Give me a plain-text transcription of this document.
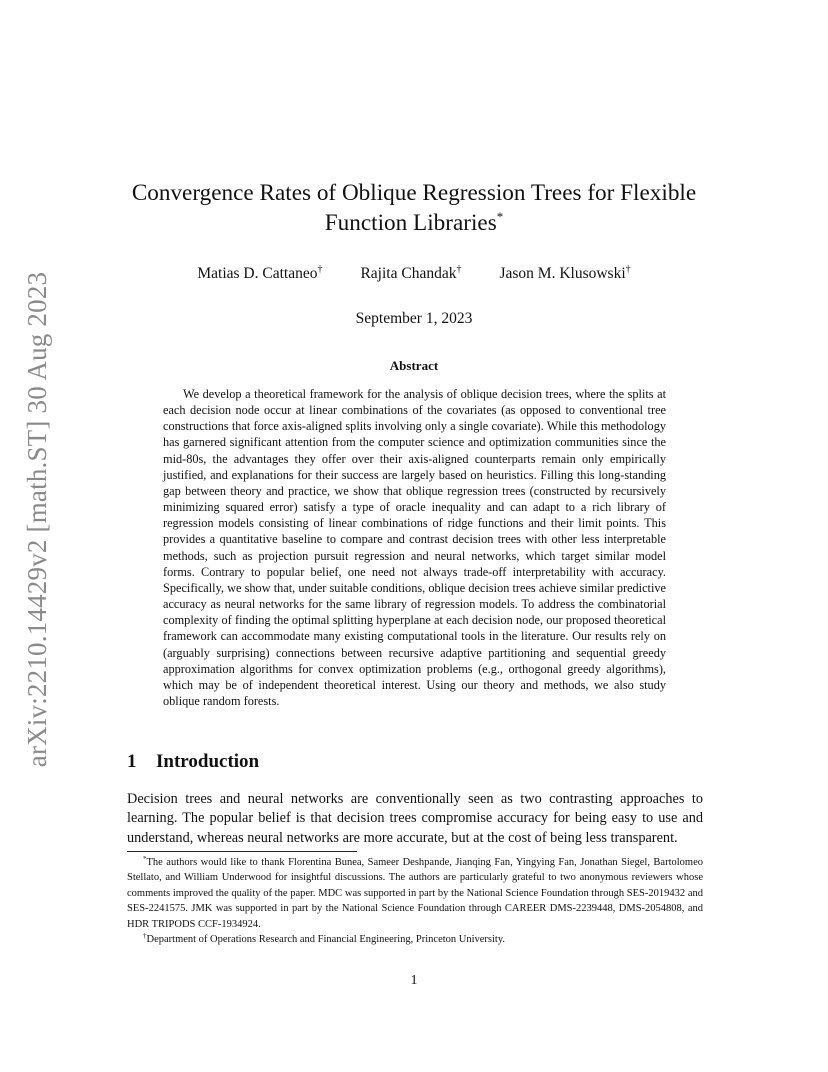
arXiv:2210.14429v2 [math.ST] 30 Aug 2023
Convergence Rates of Oblique Regression Trees for Flexible
Function Libraries*
Matias D. Cattaneo† Rajita Chandak† Jason M. Klusowski†
September 1, 2023
Abstract

We develop a theoretical framework for the analysis of oblique decision trees, where the splits at each decision node occur at linear combinations of the covariates (as opposed to conventional tree constructions that force axis-aligned splits involving only a single covariate). While this methodology has garnered significant attention from the computer science and optimization communities since the mid-80s, the advantages they offer over their axis-aligned counterparts remain only empirically justified, and explanations for their success are largely based on heuristics. Filling this long-standing gap between theory and practice, we show that oblique regression trees (constructed by recursively minimizing squared error) satisfy a type of oracle inequality and can adapt to a rich library of regression models consisting of linear combinations of ridge functions and their limit points. This provides a quantitative baseline to compare and contrast decision trees with other less interpretable methods, such as projection pursuit regression and neural networks, which target similar model forms. Contrary to popular belief, one need not always trade-off interpretability with accuracy. Specifically, we show that, under suitable conditions, oblique decision trees achieve similar predictive accuracy as neural networks for the same library of regression models. To address the combinatorial complexity of finding the optimal splitting hyperplane at each decision node, our proposed theoretical framework can accommodate many existing computational tools in the literature. Our results rely on (arguably surprising) connections between recursive adaptive partitioning and sequential greedy approximation algorithms for convex optimization problems (e.g., orthogonal greedy algorithms), which may be of independent theoretical interest. Using our theory and methods, we also study oblique random forests.

1 Introduction

Decision trees and neural networks are conventionally seen as two contrasting approaches to learning. The popular belief is that decision trees compromise accuracy for being easy to use and understand, whereas neural networks are more accurate, but at the cost of being less transparent.

*The authors would like to thank Florentina Bunea, Sameer Deshpande, Jianqing Fan, Yingying Fan, Jonathan Siegel, Bartolomeo Stellato, and William Underwood for insightful discussions. The authors are particularly grateful to two anonymous reviewers whose comments improved the quality of the paper. MDC was supported in part by the National Science Foundation through SES-2019432 and SES-2241575. JMK was supported in part by the National Science Foundation through CAREER DMS-2239448, DMS-2054808, and HDR TRIPODS CCF-1934924.

†Department of Operations Research and Financial Engineering, Princeton University.

1
